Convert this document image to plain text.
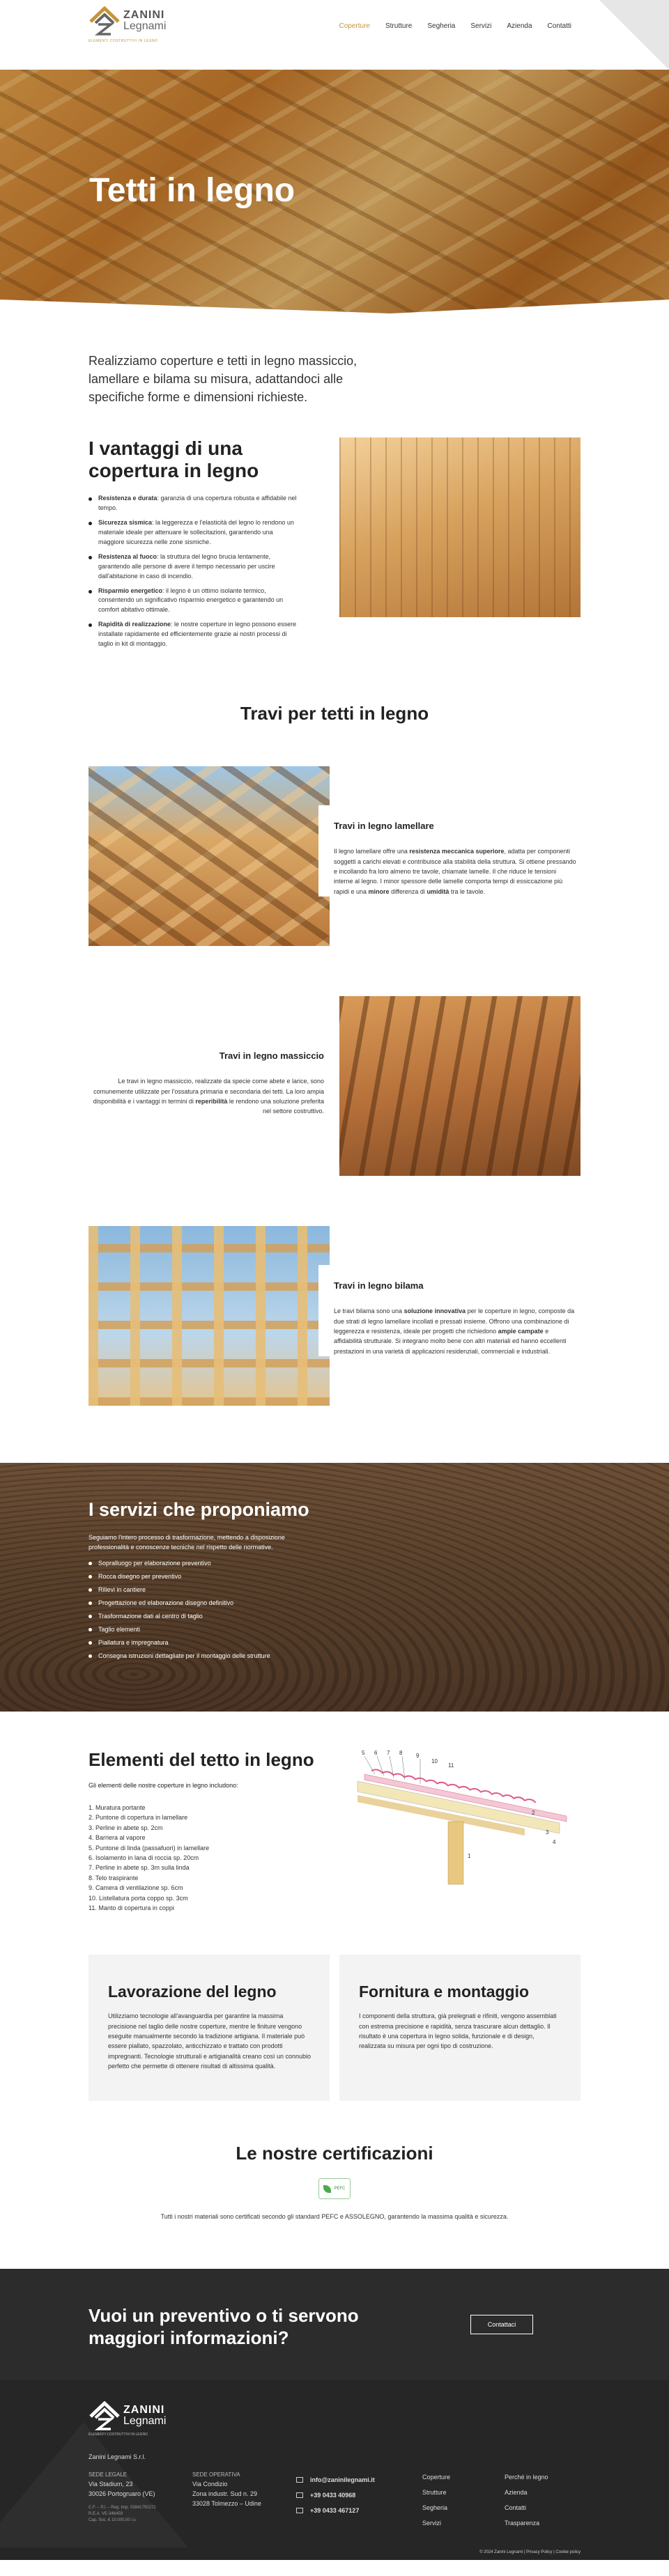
ZANINI
Legnami
ELEMENTI COSTRUTTIVI IN LEGNO
Coperture Strutture Segheria Servizi Azienda Contatti
Tetti in legno

Realizziamo coperture e tetti in legno massiccio, lamellare e bilama su misura, adattandoci alle specifiche forme e dimensioni richieste.

I vantaggi di una copertura in legno
Resistenza e durata: garanzia di una copertura robusta e affidabile nel tempo.
Sicurezza sismica: la leggerezza e l'elasticità del legno lo rendono un materiale ideale per attenuare le sollecitazioni, garantendo una maggiore sicurezza nelle zone sismiche.
Resistenza al fuoco: la struttura del legno brucia lentamente, garantendo alle persone di avere il tempo necessario per uscire dall'abitazione in caso di incendio.
Risparmio energetico: il legno è un ottimo isolante termico, consentendo un significativo risparmio energetico e garantendo un comfort abitativo ottimale.
Rapidità di realizzazione: le nostre coperture in legno possono essere installate rapidamente ed efficientemente grazie ai nostri processi di taglio in kit di montaggio.
Travi per tetti in legno
Travi in legno lamellare

Il legno lamellare offre una resistenza meccanica superiore, adatta per componenti soggetti a carichi elevati e contribuisce alla stabilità della struttura. Si ottiene pressando e incollando fra loro almeno tre tavole, chiamate lamelle. Il che riduce le tensioni interne al legno. I minor spessore delle lamelle comporta tempi di essiccazione più rapidi e una minore differenza di umidità tra le tavole.

Travi in legno massiccio

Le travi in legno massiccio, realizzate da specie come abete e larice, sono comunemente utilizzate per l'ossatura primaria e secondaria dei tetti. La loro ampia disponibilità e i vantaggi in termini di reperibilità le rendono una soluzione preferita nel settore costruttivo.

Travi in legno bilama

Le travi bilama sono una soluzione innovativa per le coperture in legno, composte da due strati di legno lamellare incollati e pressati insieme. Offrono una combinazione di leggerezza e resistenza, ideale per progetti che richiedono ampie campate e affidabilità strutturale. Si integrano molto bene con altri materiali ed hanno eccellenti prestazioni in una varietà di applicazioni residenziali, commerciali e industriali.

I servizi che proponiamo

Seguiamo l'intero processo di trasformazione, mettendo a disposizione professionalità e conoscenze tecniche nel rispetto delle normative.

Sopralluogo per elaborazione preventivo
Rocca disegno per preventivo
Rilievi in cantiere
Progettazione ed elaborazione disegno definitivo
Trasformazione dati al centro di taglio
Taglio elementi
Piallatura e impregnatura
Consegna istruzioni dettagliate per il montaggio delle strutture
Elementi del tetto in legno

Gli elementi delle nostre coperture in legno includono:

1. Muratura portante
2. Puntone di copertura in lamellare
3. Perline in abete sp. 2cm
4. Barriera al vapore
5. Puntone di linda (passafuori) in lamellare
6. Isolamento in lana di roccia sp. 20cm
7. Perline in abete sp. 3m sulla linda
8. Telo traspirante
9. Camera di ventilazione sp. 6cm
10. Listellatura porta coppo sp. 3cm
11. Manto di copertura in coppi
5 6 7 8 9
10
11
1
2
3
4
Lavorazione del legno

Utilizziamo tecnologie all'avanguardia per garantire la massima precisione nel taglio delle nostre coperture, mentre le finiture vengono eseguite manualmente secondo la tradizione artigiana. Il materiale può essere piallato, spazzolato, anticchizzato e trattato con prodotti impregnanti. Tecnologie strutturali e artigianalità creano così un connubio perfetto che permette di ottenere risultati di altissima qualità.

Fornitura e montaggio

I componenti della struttura, già prelegnati e rifiniti, vengono assemblati con estrema precisione e rapidità, senza trascurare alcun dettaglio. Il risultato è una copertura in legno solida, funzionale e di design, realizzata su misura per ogni tipo di costruzione.

Le nostre certificazioni
PEFC

Tutti i nostri materiali sono certificati secondo gli standard PEFC e ASSOLEGNO, garantendo la massima qualità e sicurezza.

Vuoi un preventivo o ti servono maggiori informazioni?
Contattaci
ZANINI
Legnami
ELEMENTI COSTRUTTIVI IN LEGNO
Zanini Legnami S.r.l.
SEDE LEGALE
Via Stadium, 23
30026 Portogruaro (VE)
C.F. – P.I. – Reg. Imp. 03841750272
R.E.A. VE-346459
Cap. Soc. € 10.000,00 i.v.
SEDE OPERATIVA
Via Condizio
Zona industr. Sud n. 29
33028 Tolmezzo – Udine
info@zaninilegnami.it
+39 0433 40968
+39 0433 467127
Coperture
Strutture
Segheria
Servizi
Perché in legno
Azienda
Contatti
Trasparenza
© 2024 Zanini Legnami | Privacy Policy | Cookie policy
